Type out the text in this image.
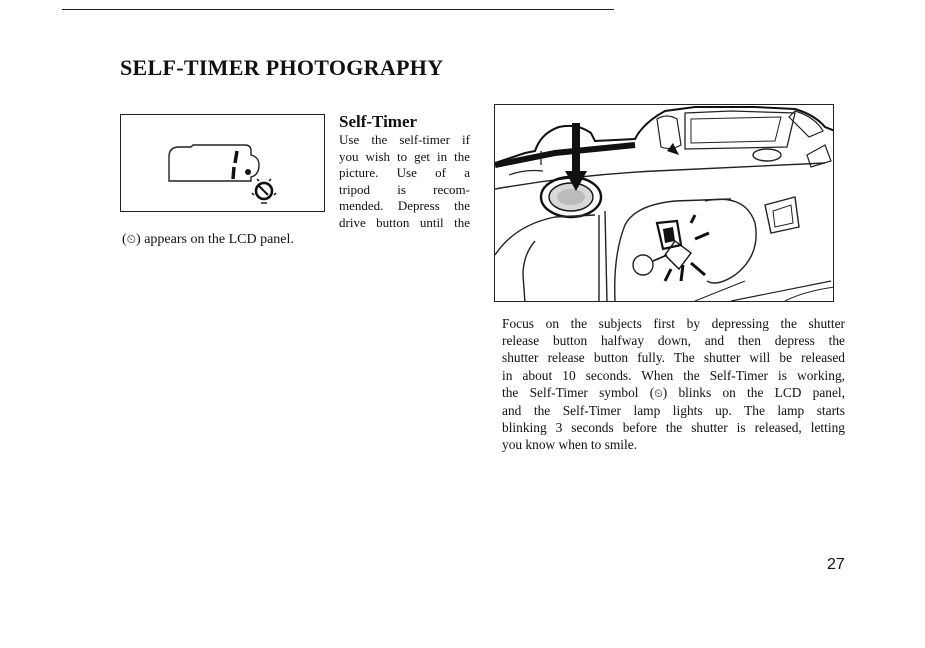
SELF-TIMER PHOTOGRAPHY

(⏲) appears on the LCD panel.

Self-Timer

Use the self-timer if
you wish to get in the
picture. Use of a
tripod is recom-
mended. Depress the
drive button until the

Focus on the subjects first by depressing the shutter
release button halfway down, and then depress the
shutter release button fully. The shutter will be released
in about 10 seconds. When the Self-Timer is working,
the Self-Timer symbol (⏲) blinks on the LCD panel,
and the Self-Timer lamp lights up. The lamp starts
blinking 3 seconds before the shutter is released, letting
you know when to smile.

27
